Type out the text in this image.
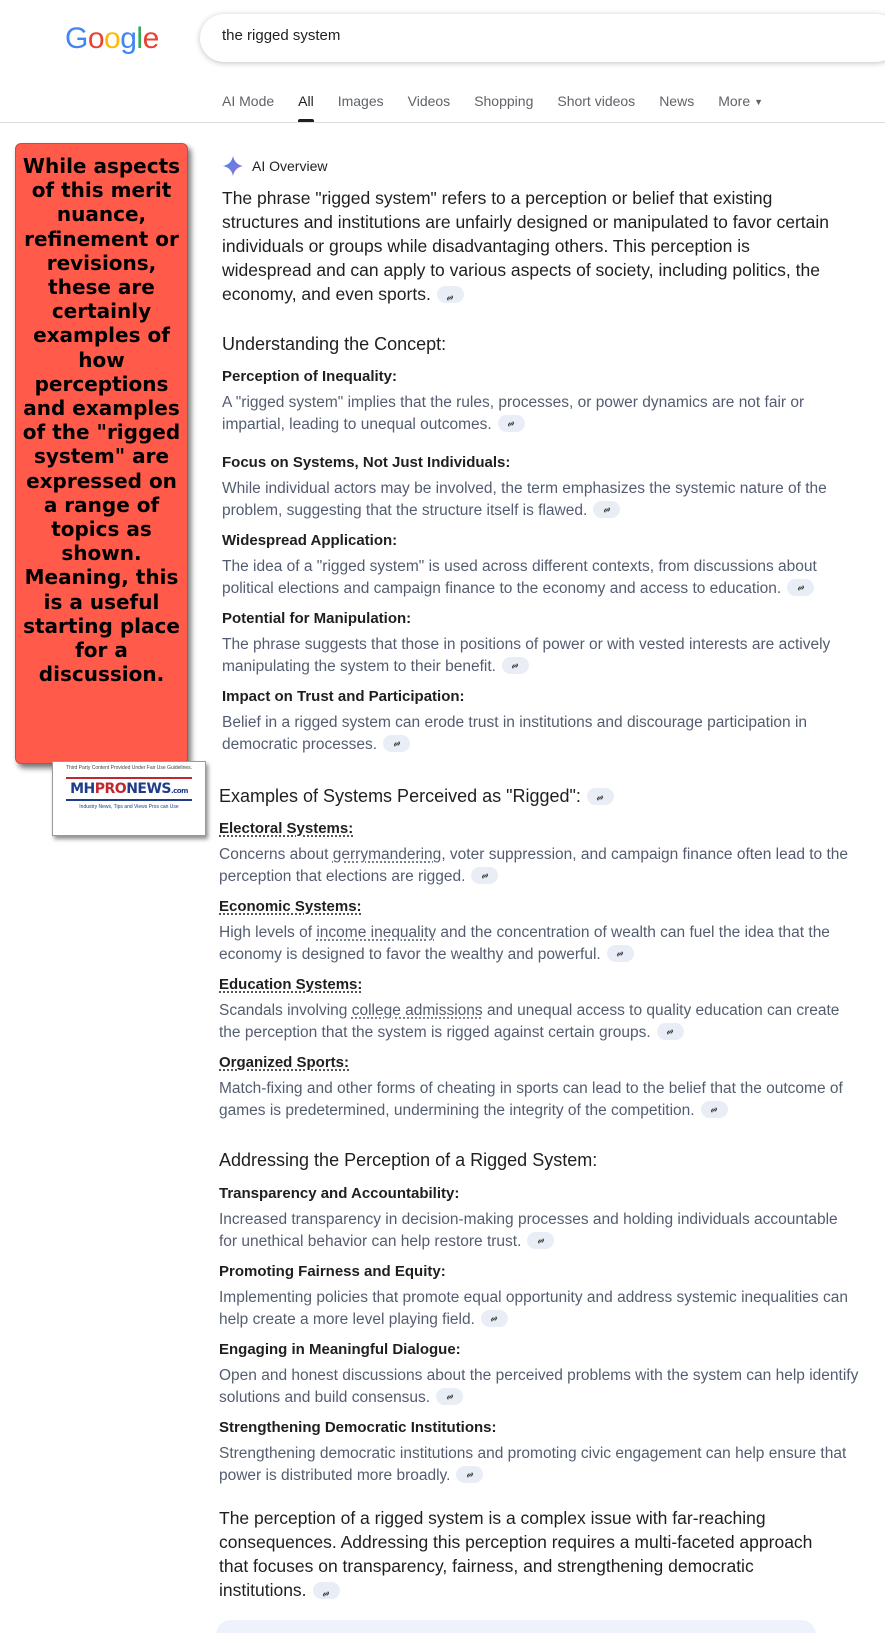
Google
the rigged system
AI Mode All Images Videos Shopping Short videos News More ▼
While aspects of this merit nuance, refinement or revisions, these are certainly examples of how perceptions and examples of the "rigged system" are expressed on a range of topics as shown. Meaning, this is a useful starting place for a discussion.
Third Party Content Provided Under Fair Use Guidelines.
MHPRONEWS.com
Industry News, Tips and Views Pros can Use
AI Overview
The phrase "rigged system" refers to a perception or belief that existing structures and institutions are unfairly designed or manipulated to favor certain individuals or groups while disadvantaging others. This perception is widespread and can apply to various aspects of society, including politics, the economy, and even sports.
Understanding the Concept:
Perception of Inequality:
A "rigged system" implies that the rules, processes, or power dynamics are not fair or impartial, leading to unequal outcomes.
Focus on Systems, Not Just Individuals:
While individual actors may be involved, the term emphasizes the systemic nature of the problem, suggesting that the structure itself is flawed.
Widespread Application:
The idea of a "rigged system" is used across different contexts, from discussions about political elections and campaign finance to the economy and access to education.
Potential for Manipulation:
The phrase suggests that those in positions of power or with vested interests are actively manipulating the system to their benefit.
Impact on Trust and Participation:
Belief in a rigged system can erode trust in institutions and discourage participation in democratic processes.
Examples of Systems Perceived as "Rigged":
Electoral Systems:
Concerns about gerrymandering, voter suppression, and campaign finance often lead to the perception that elections are rigged.
Economic Systems:
High levels of income inequality and the concentration of wealth can fuel the idea that the economy is designed to favor the wealthy and powerful.
Education Systems:
Scandals involving college admissions and unequal access to quality education can create the perception that the system is rigged against certain groups.
Organized Sports:
Match-fixing and other forms of cheating in sports can lead to the belief that the outcome of games is predetermined, undermining the integrity of the competition.
Addressing the Perception of a Rigged System:
Transparency and Accountability:
Increased transparency in decision-making processes and holding individuals accountable for unethical behavior can help restore trust.
Promoting Fairness and Equity:
Implementing policies that promote equal opportunity and address systemic inequalities can help create a more level playing field.
Engaging in Meaningful Dialogue:
Open and honest discussions about the perceived problems with the system can help identify solutions and build consensus.
Strengthening Democratic Institutions:
Strengthening democratic institutions and promoting civic engagement can help ensure that power is distributed more broadly.
The perception of a rigged system is a complex issue with far-reaching consequences. Addressing this perception requires a multi-faceted approach that focuses on transparency, fairness, and strengthening democratic institutions.
